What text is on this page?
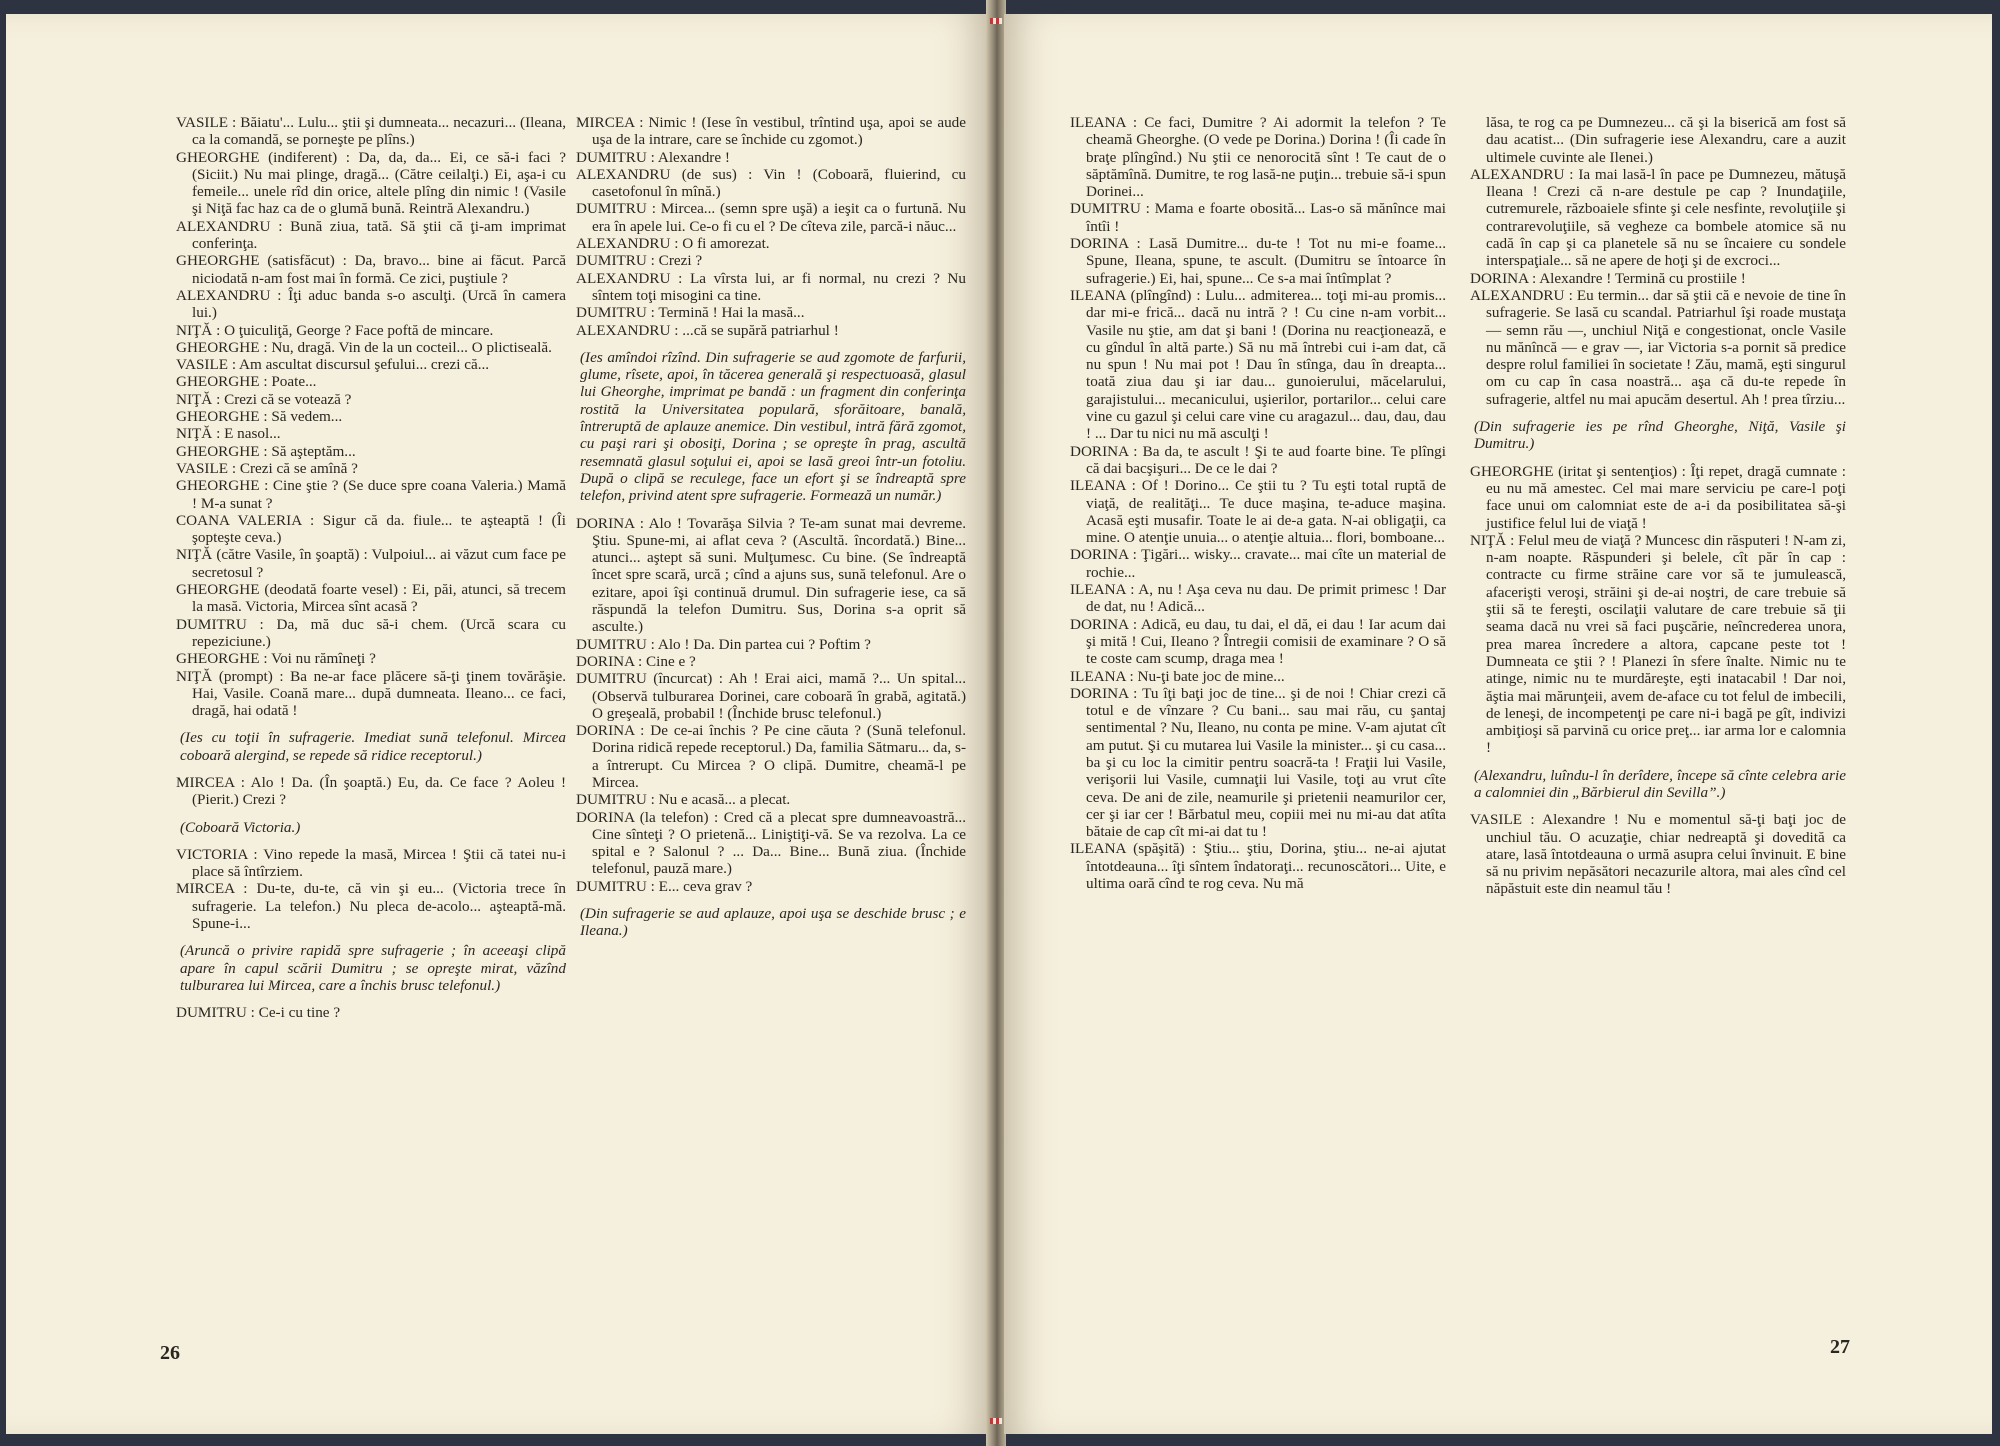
VASILE : Băiatu'... Lulu... ştii şi dumneata... necazuri... (Ileana, ca la comandă, se porneşte pe plîns.)

GHEORGHE (indiferent) : Da, da, da... Ei, ce să-i faci ? (Siciit.) Nu mai plinge, dragă... (Către ceilalţi.) Ei, aşa-i cu femeile... unele rîd din orice, altele plîng din nimic ! (Vasile şi Niţă fac haz ca de o glumă bună. Reintră Alexandru.)

ALEXANDRU : Bună ziua, tată. Să ştii că ţi-am imprimat conferinţa.

GHEORGHE (satisfăcut) : Da, bravo... bine ai făcut. Parcă niciodată n-am fost mai în formă. Ce zici, puştiule ?

ALEXANDRU : Îţi aduc banda s-o asculţi. (Urcă în camera lui.)

NIŢĂ : O ţuiculiţă, George ? Face poftă de mincare.

GHEORGHE : Nu, dragă. Vin de la un cocteil... O plictiseală.

VASILE : Am ascultat discursul şefului... crezi că...

GHEORGHE : Poate...

NIŢĂ : Crezi că se votează ?

GHEORGHE : Să vedem...

NIŢĂ : E nasol...

GHEORGHE : Să aşteptăm...

VASILE : Crezi că se amînă ?

GHEORGHE : Cine ştie ? (Se duce spre coana Valeria.) Mamă ! M-a sunat ?

COANA VALERIA : Sigur că da. fiule... te aşteaptă ! (Îi şopteşte ceva.)

NIŢĂ (către Vasile, în şoaptă) : Vulpoiul... ai văzut cum face pe secretosul ?

GHEORGHE (deodată foarte vesel) : Ei, păi, atunci, să trecem la masă. Victoria, Mircea sînt acasă ?

DUMITRU : Da, mă duc să-i chem. (Urcă scara cu repeziciune.)

GHEORGHE : Voi nu rămîneţi ?

NIŢĂ (prompt) : Ba ne-ar face plăcere să-ţi ţinem tovărăşie. Hai, Vasile. Coană mare... după dumneata. Ileano... ce faci, dragă, hai odată !

(Ies cu toţii în sufragerie. Imediat sună telefonul. Mircea coboară alergind, se repede să ridice receptorul.)

MIRCEA : Alo ! Da. (În şoaptă.) Eu, da. Ce face ? Aoleu ! (Pierit.) Crezi ?

(Coboară Victoria.)

VICTORIA : Vino repede la masă, Mircea ! Ştii că tatei nu-i place să întîrziem.

MIRCEA : Du-te, du-te, că vin şi eu... (Victoria trece în sufragerie. La telefon.) Nu pleca de-acolo... aşteaptă-mă. Spune-i...

(Aruncă o privire rapidă spre sufragerie ; în aceeaşi clipă apare în capul scării Dumitru ; se opreşte mirat, văzînd tulburarea lui Mircea, care a închis brusc telefonul.)

DUMITRU : Ce-i cu tine ?

MIRCEA : Nimic ! (Iese în vestibul, trîntind uşa, apoi se aude uşa de la intrare, care se închide cu zgomot.)

DUMITRU : Alexandre !

ALEXANDRU (de sus) : Vin ! (Coboară, fluierind, cu casetofonul în mînă.)

DUMITRU : Mircea... (semn spre uşă) a ieşit ca o furtună. Nu era în apele lui. Ce-o fi cu el ? De cîteva zile, parcă-i năuc...

ALEXANDRU : O fi amorezat.

DUMITRU : Crezi ?

ALEXANDRU : La vîrsta lui, ar fi normal, nu crezi ? Nu sîntem toţi misogini ca tine.

DUMITRU : Termină ! Hai la masă...

ALEXANDRU : ...că se supără patriarhul !

(Ies amîndoi rîzînd. Din sufragerie se aud zgomote de farfurii, glume, rîsete, apoi, în tăcerea generală şi respectuoasă, glasul lui Gheorghe, imprimat pe bandă : un fragment din conferinţa rostită la Universitatea populară, sforăitoare, banală, întreruptă de aplauze anemice. Din vestibul, intră fără zgomot, cu paşi rari şi obosiţi, Dorina ; se opreşte în prag, ascultă resemnată glasul soţului ei, apoi se lasă greoi într-un fotoliu. După o clipă se reculege, face un efort şi se îndreaptă spre telefon, privind atent spre sufragerie. Formează un număr.)

DORINA : Alo ! Tovarăşa Silvia ? Te-am sunat mai devreme. Ştiu. Spune-mi, ai aflat ceva ? (Ascultă. încordată.) Bine... atunci... aştept să suni. Mulţumesc. Cu bine. (Se îndreaptă încet spre scară, urcă ; cînd a ajuns sus, sună telefonul. Are o ezitare, apoi îşi continuă drumul. Din sufragerie iese, ca să răspundă la telefon Dumitru. Sus, Dorina s-a oprit să asculte.)

DUMITRU : Alo ! Da. Din partea cui ? Poftim ?

DORINA : Cine e ?

DUMITRU (încurcat) : Ah ! Erai aici, mamă ?... Un spital... (Observă tulburarea Dorinei, care coboară în grabă, agitată.) O greşeală, probabil ! (Închide brusc telefonul.)

DORINA : De ce-ai închis ? Pe cine căuta ? (Sună telefonul. Dorina ridică repede receptorul.) Da, familia Sătmaru... da, s-a întrerupt. Cu Mircea ? O clipă. Dumitre, cheamă-l pe Mircea.

DUMITRU : Nu e acasă... a plecat.

DORINA (la telefon) : Cred că a plecat spre dumneavoastră... Cine sînteţi ? O prietenă... Liniştiţi-vă. Se va rezolva. La ce spital e ? Salonul ? ... Da... Bine... Bună ziua. (Închide telefonul, pauză mare.)

DUMITRU : E... ceva grav ?

(Din sufragerie se aud aplauze, apoi uşa se deschide brusc ; e Ileana.)

26

ILEANA : Ce faci, Dumitre ? Ai adormit la telefon ? Te cheamă Gheorghe. (O vede pe Dorina.) Dorina ! (Îi cade în braţe plîngînd.) Nu ştii ce nenorocită sînt ! Te caut de o săptămînă. Dumitre, te rog lasă-ne puţin... trebuie să-i spun Dorinei...

DUMITRU : Mama e foarte obosită... Las-o să mănînce mai întîi !

DORINA : Lasă Dumitre... du-te ! Tot nu mi-e foame... Spune, Ileana, spune, te ascult. (Dumitru se întoarce în sufragerie.) Ei, hai, spune... Ce s-a mai întîmplat ?

ILEANA (plîngînd) : Lulu... admiterea... toţi mi-au promis... dar mi-e frică... dacă nu intră ? ! Cu cine n-am vorbit... Vasile nu ştie, am dat şi bani ! (Dorina nu reacţionează, e cu gîndul în altă parte.) Să nu mă întrebi cui i-am dat, că nu spun ! Nu mai pot ! Dau în stînga, dau în dreapta... toată ziua dau şi iar dau... gunoierului, măcelarului, garajistului... mecanicului, uşierilor, portarilor... celui care vine cu gazul şi celui care vine cu aragazul... dau, dau, dau ! ... Dar tu nici nu mă asculţi !

DORINA : Ba da, te ascult ! Şi te aud foarte bine. Te plîngi că dai bacşişuri... De ce le dai ?

ILEANA : Of ! Dorino... Ce ştii tu ? Tu eşti total ruptă de viaţă, de realităţi... Te duce maşina, te-aduce maşina. Acasă eşti musafir. Toate le ai de-a gata. N-ai obligaţii, ca mine. O atenţie unuia... o atenţie altuia... flori, bomboane...

DORINA : Ţigări... wisky... cravate... mai cîte un material de rochie...

ILEANA : A, nu ! Aşa ceva nu dau. De primit primesc ! Dar de dat, nu ! Adică...

DORINA : Adică, eu dau, tu dai, el dă, ei dau ! Iar acum dai şi mită ! Cui, Ileano ? Întregii comisii de examinare ? O să te coste cam scump, draga mea !

ILEANA : Nu-ţi bate joc de mine...

DORINA : Tu îţi baţi joc de tine... şi de noi ! Chiar crezi că totul e de vînzare ? Cu bani... sau mai rău, cu şantaj sentimental ? Nu, Ileano, nu conta pe mine. V-am ajutat cît am putut. Şi cu mutarea lui Vasile la minister... şi cu casa... ba şi cu loc la cimitir pentru soacră-ta ! Fraţii lui Vasile, verişorii lui Vasile, cumnaţii lui Vasile, toţi au vrut cîte ceva. De ani de zile, neamurile şi prietenii neamurilor cer, cer şi iar cer ! Bărbatul meu, copiii mei nu mi-au dat atîta bătaie de cap cît mi-ai dat tu !

ILEANA (spăşită) : Ştiu... ştiu, Dorina, ştiu... ne-ai ajutat întotdeauna... îţi sîntem îndatoraţi... recunoscători... Uite, e ultima oară cînd te rog ceva. Nu mă

lăsa, te rog ca pe Dumnezeu... că şi la biserică am fost să dau acatist... (Din sufragerie iese Alexandru, care a auzit ultimele cuvinte ale Ilenei.)

ALEXANDRU : Ia mai lasă-l în pace pe Dumnezeu, mătuşă Ileana ! Crezi că n-are destule pe cap ? Inundaţiile, cutremurele, războaiele sfinte şi cele nesfinte, revoluţiile şi contrarevoluţiile, să vegheze ca bombele atomice să nu cadă în cap şi ca planetele să nu se încaiere cu sondele interspaţiale... să ne apere de hoţi şi de excroci...

DORINA : Alexandre ! Termină cu prostiile !

ALEXANDRU : Eu termin... dar să ştii că e nevoie de tine în sufragerie. Se lasă cu scandal. Patriarhul îşi roade mustaţa — semn rău —, unchiul Niţă e congestionat, oncle Vasile nu mănîncă — e grav —, iar Victoria s-a pornit să predice despre rolul familiei în societate ! Zău, mamă, eşti singurul om cu cap în casa noastră... aşa că du-te repede în sufragerie, altfel nu mai apucăm desertul. Ah ! prea tîrziu...

(Din sufragerie ies pe rînd Gheorghe, Niţă, Vasile şi Dumitru.)

GHEORGHE (iritat şi sentenţios) : Îţi repet, dragă cumnate : eu nu mă amestec. Cel mai mare serviciu pe care-l poţi face unui om calomniat este de a-i da posibilitatea să-şi justifice felul lui de viaţă !

NIŢĂ : Felul meu de viaţă ? Muncesc din răsputeri ! N-am zi, n-am noapte. Răspunderi şi belele, cît păr în cap : contracte cu firme străine care vor să te jumulească, afacerişti veroşi, străini şi de-ai noştri, de care trebuie să ştii să te fereşti, oscilaţii valutare de care trebuie să ţii seama dacă nu vrei să faci puşcărie, neîncrederea unora, prea marea încredere a altora, capcane peste tot ! Dumneata ce ştii ? ! Planezi în sfere înalte. Nimic nu te atinge, nimic nu te murdăreşte, eşti inatacabil ! Dar noi, ăştia mai mărunţeii, avem de-aface cu tot felul de imbecili, de leneşi, de incompetenţi pe care ni-i bagă pe gît, indivizi ambiţioşi să parvină cu orice preţ... iar arma lor e calomnia !

(Alexandru, luîndu-l în derîdere, începe să cînte celebra arie a calomniei din „Bărbierul din Sevilla”.)

VASILE : Alexandre ! Nu e momentul să-ţi baţi joc de unchiul tău. O acuzaţie, chiar nedreaptă şi dovedită ca atare, lasă întotdeauna o urmă asupra celui învinuit. E bine să nu privim nepăsători necazurile altora, mai ales cînd cel năpăstuit este din neamul tău !

27
